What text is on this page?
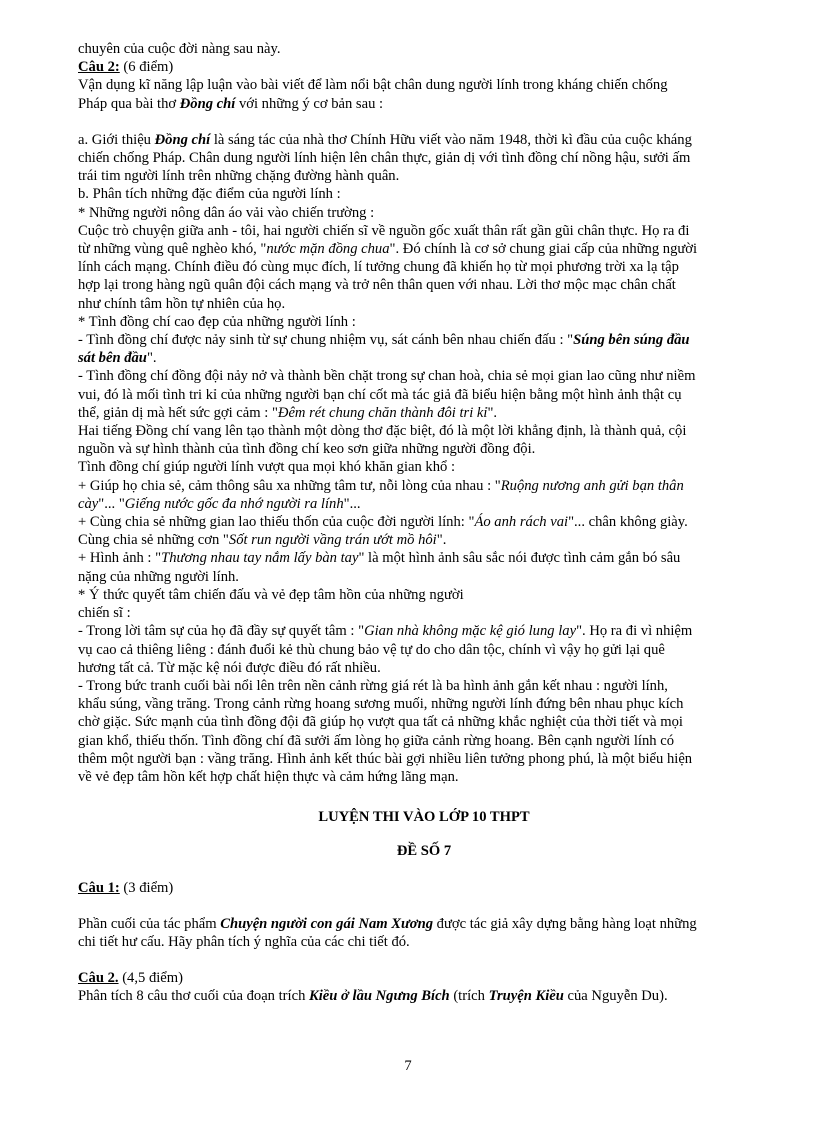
chuyên của cuộc đời nàng sau này.
Câu 2: (6 điểm)
Vận dụng kĩ năng lập luận vào bài viết để làm nổi bật chân dung người lính trong kháng chiến chống
Pháp qua bài thơ Đồng chí với những ý cơ bản sau :
a. Giới thiệu Đồng chí là sáng tác của nhà thơ Chính Hữu viết vào năm 1948, thời kì đầu của cuộc kháng
chiến chống Pháp. Chân dung người lính hiện lên chân thực, giản dị với tình đồng chí nồng hậu, sưởi ấm
trái tim người lính trên những chặng đường hành quân.
b. Phân tích những đặc điểm của người lính :
* Những người nông dân áo vải vào chiến trường :
Cuộc trò chuyện giữa anh - tôi, hai người chiến sĩ về nguồn gốc xuất thân rất gần gũi chân thực. Họ ra đi
từ những vùng quê nghèo khó, "nước mặn đồng chua". Đó chính là cơ sở chung giai cấp của những người
lính cách mạng. Chính điều đó cùng mục đích, lí tưởng chung đã khiến họ từ mọi phương trời xa lạ tập
hợp lại trong hàng ngũ quân đội cách mạng và trở nên thân quen với nhau. Lời thơ mộc mạc chân chất
như chính tâm hồn tự nhiên của họ.
* Tình đồng chí cao đẹp của những người lính :
- Tình đồng chí được nảy sinh từ sự chung nhiệm vụ, sát cánh bên nhau chiến đấu : "Súng bên súng đầu
sát bên đầu".
- Tình đồng chí đồng đội nảy nở và thành bền chặt trong sự chan hoà, chia sẻ mọi gian lao cũng như niềm
vui, đó là mối tình tri kỉ của những người bạn chí cốt mà tác giả đã biểu hiện bằng một hình ảnh thật cụ
thể, giản dị mà hết sức gợi cảm : "Đêm rét chung chăn thành đôi tri kỉ".
Hai tiếng Đồng chí vang lên tạo thành một dòng thơ đặc biệt, đó là một lời khẳng định, là thành quả, cội
nguồn và sự hình thành của tình đồng chí keo sơn giữa những người đồng đội.
Tình đồng chí giúp người lính vượt qua mọi khó khăn gian khổ :
+ Giúp họ chia sẻ, cảm thông sâu xa những tâm tư, nỗi lòng của nhau : "Ruộng nương anh gửi bạn thân
cày"... "Giếng nước gốc đa nhớ người ra lính"...
+ Cùng chia sẻ những gian lao thiếu thốn của cuộc đời người lính: "Áo anh rách vai"... chân không giày.
Cùng chia sẻ những cơn "Sốt run người vầng trán ướt mồ hôi".
+ Hình ảnh : "Thương nhau tay nắm lấy bàn tay" là một hình ảnh sâu sắc nói được tình cảm gắn bó sâu
nặng của những người lính.
* Ý thức quyết tâm chiến đấu và vẻ đẹp tâm hồn của những người
chiến sĩ :
- Trong lời tâm sự của họ đã đầy sự quyết tâm : "Gian nhà không mặc kệ gió lung lay". Họ ra đi vì nhiệm
vụ cao cả thiêng liêng : đánh đuổi kẻ thù chung bảo vệ tự do cho dân tộc, chính vì vậy họ gửi lại quê
hương tất cả. Từ mặc kệ nói được điều đó rất nhiều.
- Trong bức tranh cuối bài nổi lên trên nền cảnh rừng giá rét là ba hình ảnh gắn kết nhau : người lính,
khẩu súng, vầng trăng. Trong cảnh rừng hoang sương muối, những người lính đứng bên nhau phục kích
chờ giặc. Sức mạnh của tình đồng đội đã giúp họ vượt qua tất cả những khắc nghiệt của thời tiết và mọi
gian khổ, thiếu thốn. Tình đồng chí đã sưởi ấm lòng họ giữa cảnh rừng hoang. Bên cạnh người lính có
thêm một người bạn : vầng trăng. Hình ảnh kết thúc bài gợi nhiều liên tưởng phong phú, là một biểu hiện
về vẻ đẹp tâm hồn kết hợp chất hiện thực và cảm hứng lãng mạn.
LUYỆN THI VÀO LỚP 10 THPT
ĐỀ SỐ 7
Câu 1: (3 điểm)
Phần cuối của tác phẩm Chuyện người con gái Nam Xương được tác giả xây dựng bằng hàng loạt những
chi tiết hư cấu. Hãy phân tích ý nghĩa của các chi tiết đó.
Câu 2. (4,5 điểm)
Phân tích 8 câu thơ cuối của đoạn trích Kiều ở lầu Ngưng Bích (trích Truyện Kiều của Nguyễn Du).
7
